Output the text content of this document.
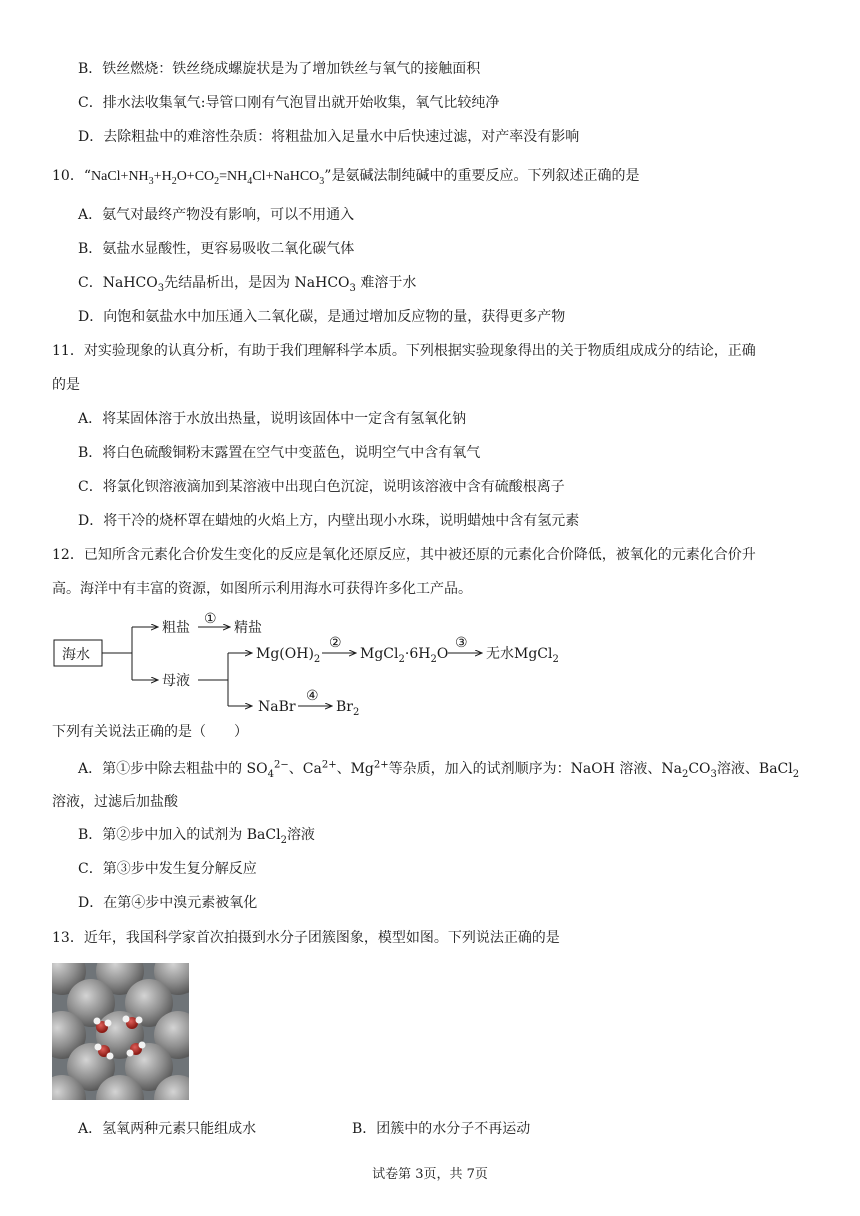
B．铁丝燃烧：铁丝绕成螺旋状是为了增加铁丝与氧气的接触面积
C．排水法收集氧气:导管口刚有气泡冒出就开始收集，氧气比较纯净
D．去除粗盐中的难溶性杂质：将粗盐加入足量水中后快速过滤，对产率没有影响
10．“$NaCl+NH_3+H_2O+CO_2=NH_4Cl+NaHCO_3$”是氨碱法制纯碱中的重要反应。下列叙述正确的是
A．氨气对最终产物没有影响，可以不用通入
B．氨盐水显酸性，更容易吸收二氧化碳气体
C．NaHCO$_3$先结晶析出，是因为 NaHCO$_3$ 难溶于水
D．向饱和氨盐水中加压通入二氧化碳，是通过增加反应物的量，获得更多产物
11．对实验现象的认真分析，有助于我们理解科学本质。下列根据实验现象得出的关于物质组成成分的结论，正确
的是
A．将某固体溶于水放出热量，说明该固体中一定含有氢氧化钠
B．将白色硫酸铜粉末露置在空气中变蓝色，说明空气中含有氧气
C．将氯化钡溶液滴加到某溶液中出现白色沉淀，说明该溶液中含有硫酸根离子
D．将干冷的烧杯罩在蜡烛的火焰上方，内壁出现小水珠，说明蜡烛中含有氢元素
12．已知所含元素化合价发生变化的反应是氧化还原反应，其中被还原的元素化合价降低，被氧化的元素化合价升
高。海洋中有丰富的资源，如图所示利用海水可获得许多化工产品。
海水
粗盐
母液
①
精盐
$Mg(OH)_2$
②
$MgCl_2\cdot 6H_2O$
③
无水MgCl$_2$
NaBr
④
$Br_2$
下列有关说法正确的是（　　）
A．第①步中除去粗盐中的 $SO_4^{2-}$、$Ca^{2+}$、$Mg^{2+}$等杂质，加入的试剂顺序为：NaOH 溶液、$Na_2CO_3$溶液、BaCl$_2$
溶液，过滤后加盐酸
B．第②步中加入的试剂为 BaCl$_2$溶液
C．第③步中发生复分解反应
D．在第④步中溴元素被氧化
13．近年，我国科学家首次拍摄到水分子团簇图象，模型如图。下列说法正确的是
A．氢氧两种元素只能组成水	B．团簇中的水分子不再运动
试卷第 3页，共 7页
